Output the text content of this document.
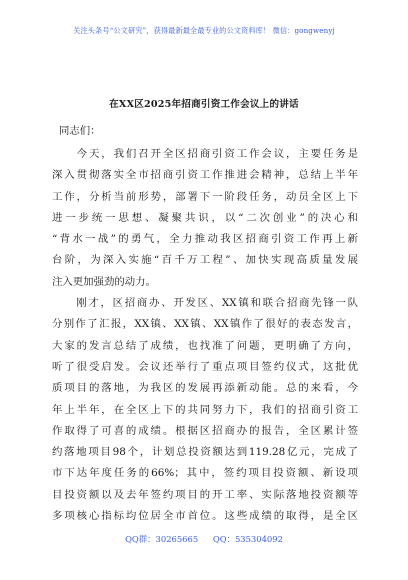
关注头条号“公文研究”，获得最新最全最专业的公文资料库！ 微信：gongwenyj
在XX区2025年招商引资工作会议上的讲话
同志们：
　　今天，我们召开全区招商引资工作会议，主要任务是
深入贯彻落实全市招商引资工作推进会精神，总结上半年
工作，分析当前形势，部署下一阶段任务，动员全区上下
进一步统一思想、凝聚共识，以“二次创业”的决心和
“背水一战”的勇气，全力推动我区招商引资工作再上新
台阶，为深入实施“百千万工程”、加快实现高质量发展
注入更加强劲的动力。
　　刚才，区招商办、开发区、XX镇和联合招商先锋一队
分别作了汇报，XX镇、XX镇、XX镇作了很好的表态发言，
大家的发言总结了成绩，也找准了问题，更明确了方向，
听了很受启发。会议还举行了重点项目签约仪式，这批优
质项目的落地，为我区的发展再添新动能。总的来看，今
年上半年，在全区上下的共同努力下，我们的招商引资工
作取得了可喜的成绩。根据区招商办的报告，全区累计签
约落地项目98个，计划总投资额达到119.28亿元，完成了
市下达年度任务的66%；其中，签约项目投资额、新设项
目投资额以及去年签约项目的开工率、实际落地投资额等
多项核心指标均位居全市首位。这些成绩的取得，是全区
QQ群：30265665 QQ：535304092
